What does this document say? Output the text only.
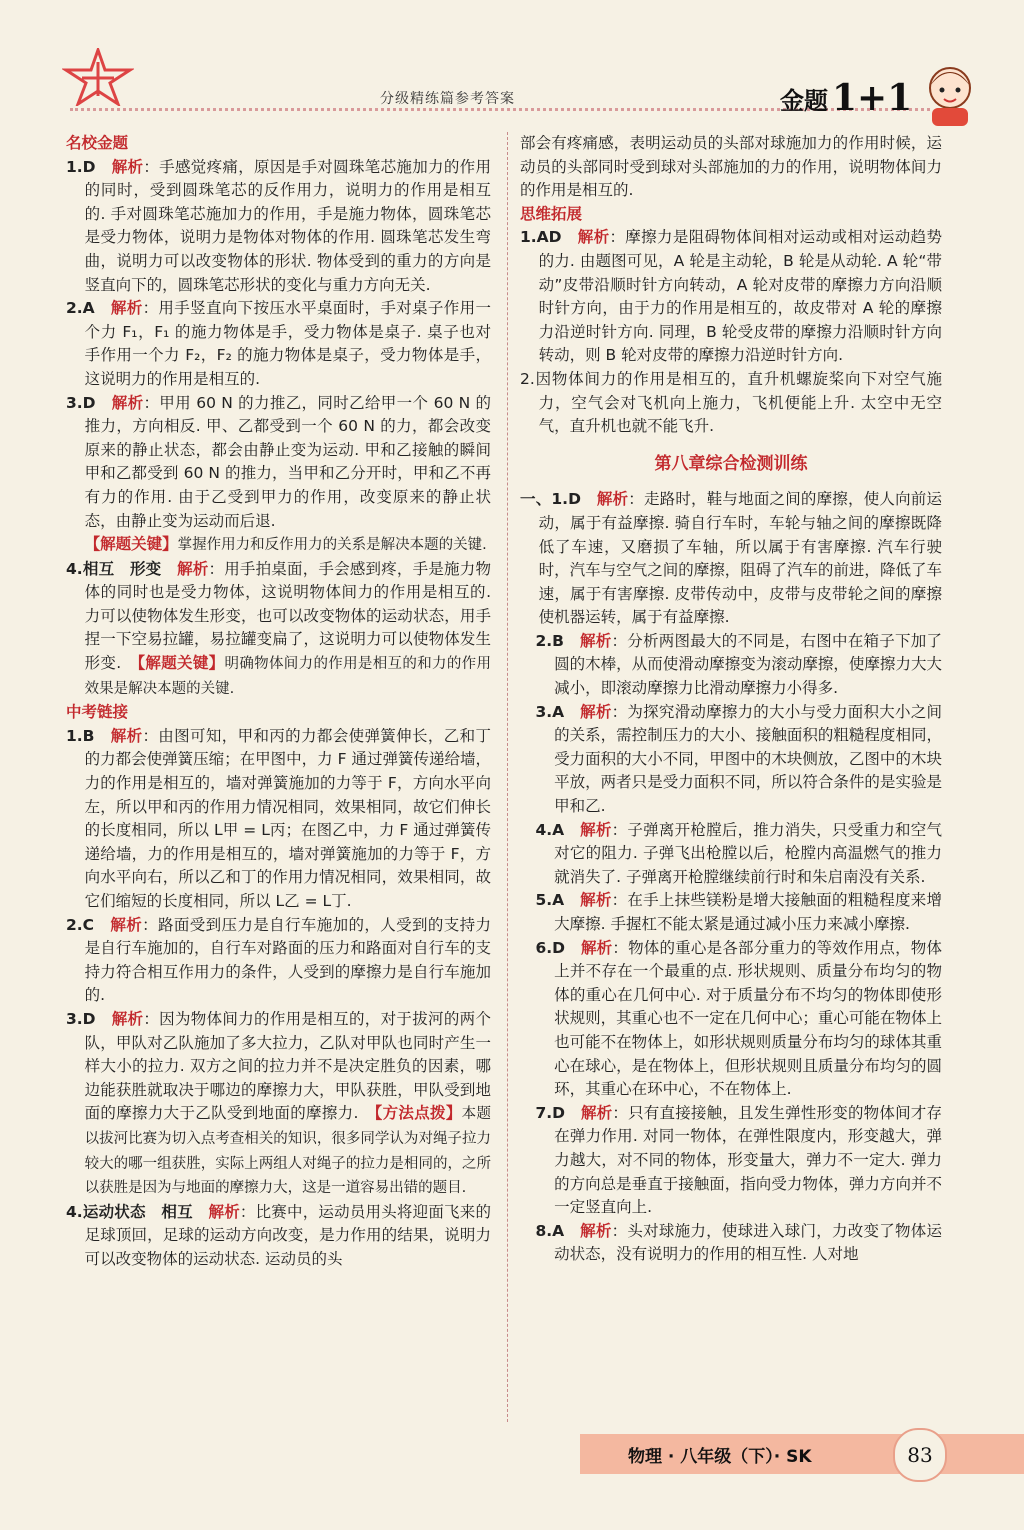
分级精练篇参考答案	金题 1+1

名校金题

1.D　 解析：手感觉疼痛，原因是手对圆珠笔芯施加力的作用的同时，受到圆珠笔芯的反作用力，说明力的作用是相互的. 手对圆珠笔芯施加力的作用，手是施力物体，圆珠笔芯是受力物体，说明力是物体对物体的作用. 圆珠笔芯发生弯曲，说明力可以改变物体的形状. 物体受到的重力的方向是竖直向下的，圆珠笔芯形状的变化与重力方向无关.

2.A　 解析：用手竖直向下按压水平桌面时，手对桌子作用一个力 F₁，F₁ 的施力物体是手，受力物体是桌子. 桌子也对手作用一个力 F₂，F₂ 的施力物体是桌子，受力物体是手，这说明力的作用是相互的.

3.D　 解析：甲用 60 N 的力推乙，同时乙给甲一个 60 N 的推力，方向相反. 甲、乙都受到一个 60 N 的力，都会改变原来的静止状态，都会由静止变为运动. 甲和乙接触的瞬间甲和乙都受到 60 N 的推力，当甲和乙分开时，甲和乙不再有力的作用. 由于乙受到甲力的作用，改变原来的静止状态，由静止变为运动而后退.
【解题关键】掌握作用力和反作用力的关系是解决本题的关键.

4.相互　形变　 解析：用手拍桌面，手会感到疼，手是施力物体的同时也是受力物体，这说明物体间力的作用是相互的. 力可以使物体发生形变，也可以改变物体的运动状态，用手捏一下空易拉罐，易拉罐变扁了，这说明力可以使物体发生形变.　 【解题关键】明确物体间力的作用是相互的和力的作用效果是解决本题的关键.

中考链接

1.B　 解析：由图可知，甲和丙的力都会使弹簧伸长，乙和丁的力都会使弹簧压缩；在甲图中，力 F 通过弹簧传递给墙，力的作用是相互的，墙对弹簧施加的力等于 F，方向水平向左，所以甲和丙的作用力情况相同，效果相同，故它们伸长的长度相同，所以 L甲 = L丙；在图乙中，力 F 通过弹簧传递给墙，力的作用是相互的，墙对弹簧施加的力等于 F，方向水平向右，所以乙和丁的作用力情况相同，效果相同，故它们缩短的长度相同，所以 L乙 = L丁.

2.C　 解析：路面受到压力是自行车施加的，人受到的支持力是自行车施加的，自行车对路面的压力和路面对自行车的支持力符合相互作用力的条件，人受到的摩擦力是自行车施加的.

3.D　 解析：因为物体间力的作用是相互的，对于拔河的两个队，甲队对乙队施加了多大拉力，乙队对甲队也同时产生一样大小的拉力. 双方之间的拉力并不是决定胜负的因素，哪边能获胜就取决于哪边的摩擦力大，甲队获胜，甲队受到地面的摩擦力大于乙队受到地面的摩擦力.　 【方法点拨】本题以拔河比赛为切入点考查相关的知识，很多同学认为对绳子拉力较大的哪一组获胜，实际上两组人对绳子的拉力是相同的，之所以获胜是因为与地面的摩擦力大，这是一道容易出错的题目.

4.运动状态　相互　 解析：比赛中，运动员用头将迎面飞来的足球顶回，足球的运动方向改变，是力作用的结果，说明力可以改变物体的运动状态. 运动员的头

部会有疼痛感，表明运动员的头部对球施加力的作用时候，运动员的头部同时受到球对头部施加的力的作用，说明物体间力的作用是相互的.

思维拓展

1.AD　 解析：摩擦力是阻碍物体间相对运动或相对运动趋势的力. 由题图可见，A 轮是主动轮，B 轮是从动轮. A 轮“带动”皮带沿顺时针方向转动，A 轮对皮带的摩擦力方向沿顺时针方向，由于力的作用是相互的，故皮带对 A 轮的摩擦力沿逆时针方向. 同理，B 轮受皮带的摩擦力沿顺时针方向转动，则 B 轮对皮带的摩擦力沿逆时针方向.

2.因物体间力的作用是相互的，直升机螺旋桨向下对空气施力，空气会对飞机向上施力，飞机便能上升. 太空中无空气，直升机也就不能飞升.

第八章综合检测训练

一、1.D　 解析：走路时，鞋与地面之间的摩擦，使人向前运动，属于有益摩擦. 骑自行车时，车轮与轴之间的摩擦既降低了车速，又磨损了车轴，所以属于有害摩擦. 汽车行驶时，汽车与空气之间的摩擦，阻碍了汽车的前进，降低了车速，属于有害摩擦. 皮带传动中，皮带与皮带轮之间的摩擦使机器运转，属于有益摩擦.

2.B　 解析：分析两图最大的不同是，右图中在箱子下加了圆的木棒，从而使滑动摩擦变为滚动摩擦，使摩擦力大大减小，即滚动摩擦力比滑动摩擦力小得多.

3.A　 解析：为探究滑动摩擦力的大小与受力面积大小之间的关系，需控制压力的大小、接触面积的粗糙程度相同，受力面积的大小不同，甲图中的木块侧放，乙图中的木块平放，两者只是受力面积不同，所以符合条件的是实验是甲和乙.

4.A　 解析：子弹离开枪膛后，推力消失，只受重力和空气对它的阻力. 子弹飞出枪膛以后，枪膛内高温燃气的推力就消失了. 子弹离开枪膛继续前行时和朱启南没有关系.

5.A　 解析：在手上抹些镁粉是增大接触面的粗糙程度来增大摩擦. 手握杠不能太紧是通过减小压力来减小摩擦.

6.D　 解析：物体的重心是各部分重力的等效作用点，物体上并不存在一个最重的点. 形状规则、质量分布均匀的物体的重心在几何中心. 对于质量分布不均匀的物体即使形状规则，其重心也不一定在几何中心；重心可能在物体上也可能不在物体上，如形状规则质量分布均匀的球体其重心在球心，是在物体上，但形状规则且质量分布均匀的圆环，其重心在环中心，不在物体上.

7.D　 解析：只有直接接触，且发生弹性形变的物体间才存在弹力作用. 对同一物体，在弹性限度内，形变越大，弹力越大，对不同的物体，形变量大，弹力不一定大. 弹力的方向总是垂直于接触面，指向受力物体，弹力方向并不一定竖直向上.

8.A　 解析：头对球施力，使球进入球门，力改变了物体运动状态，没有说明力的作用的相互性. 人对地

物理 · 八年级（下）· SK	83
